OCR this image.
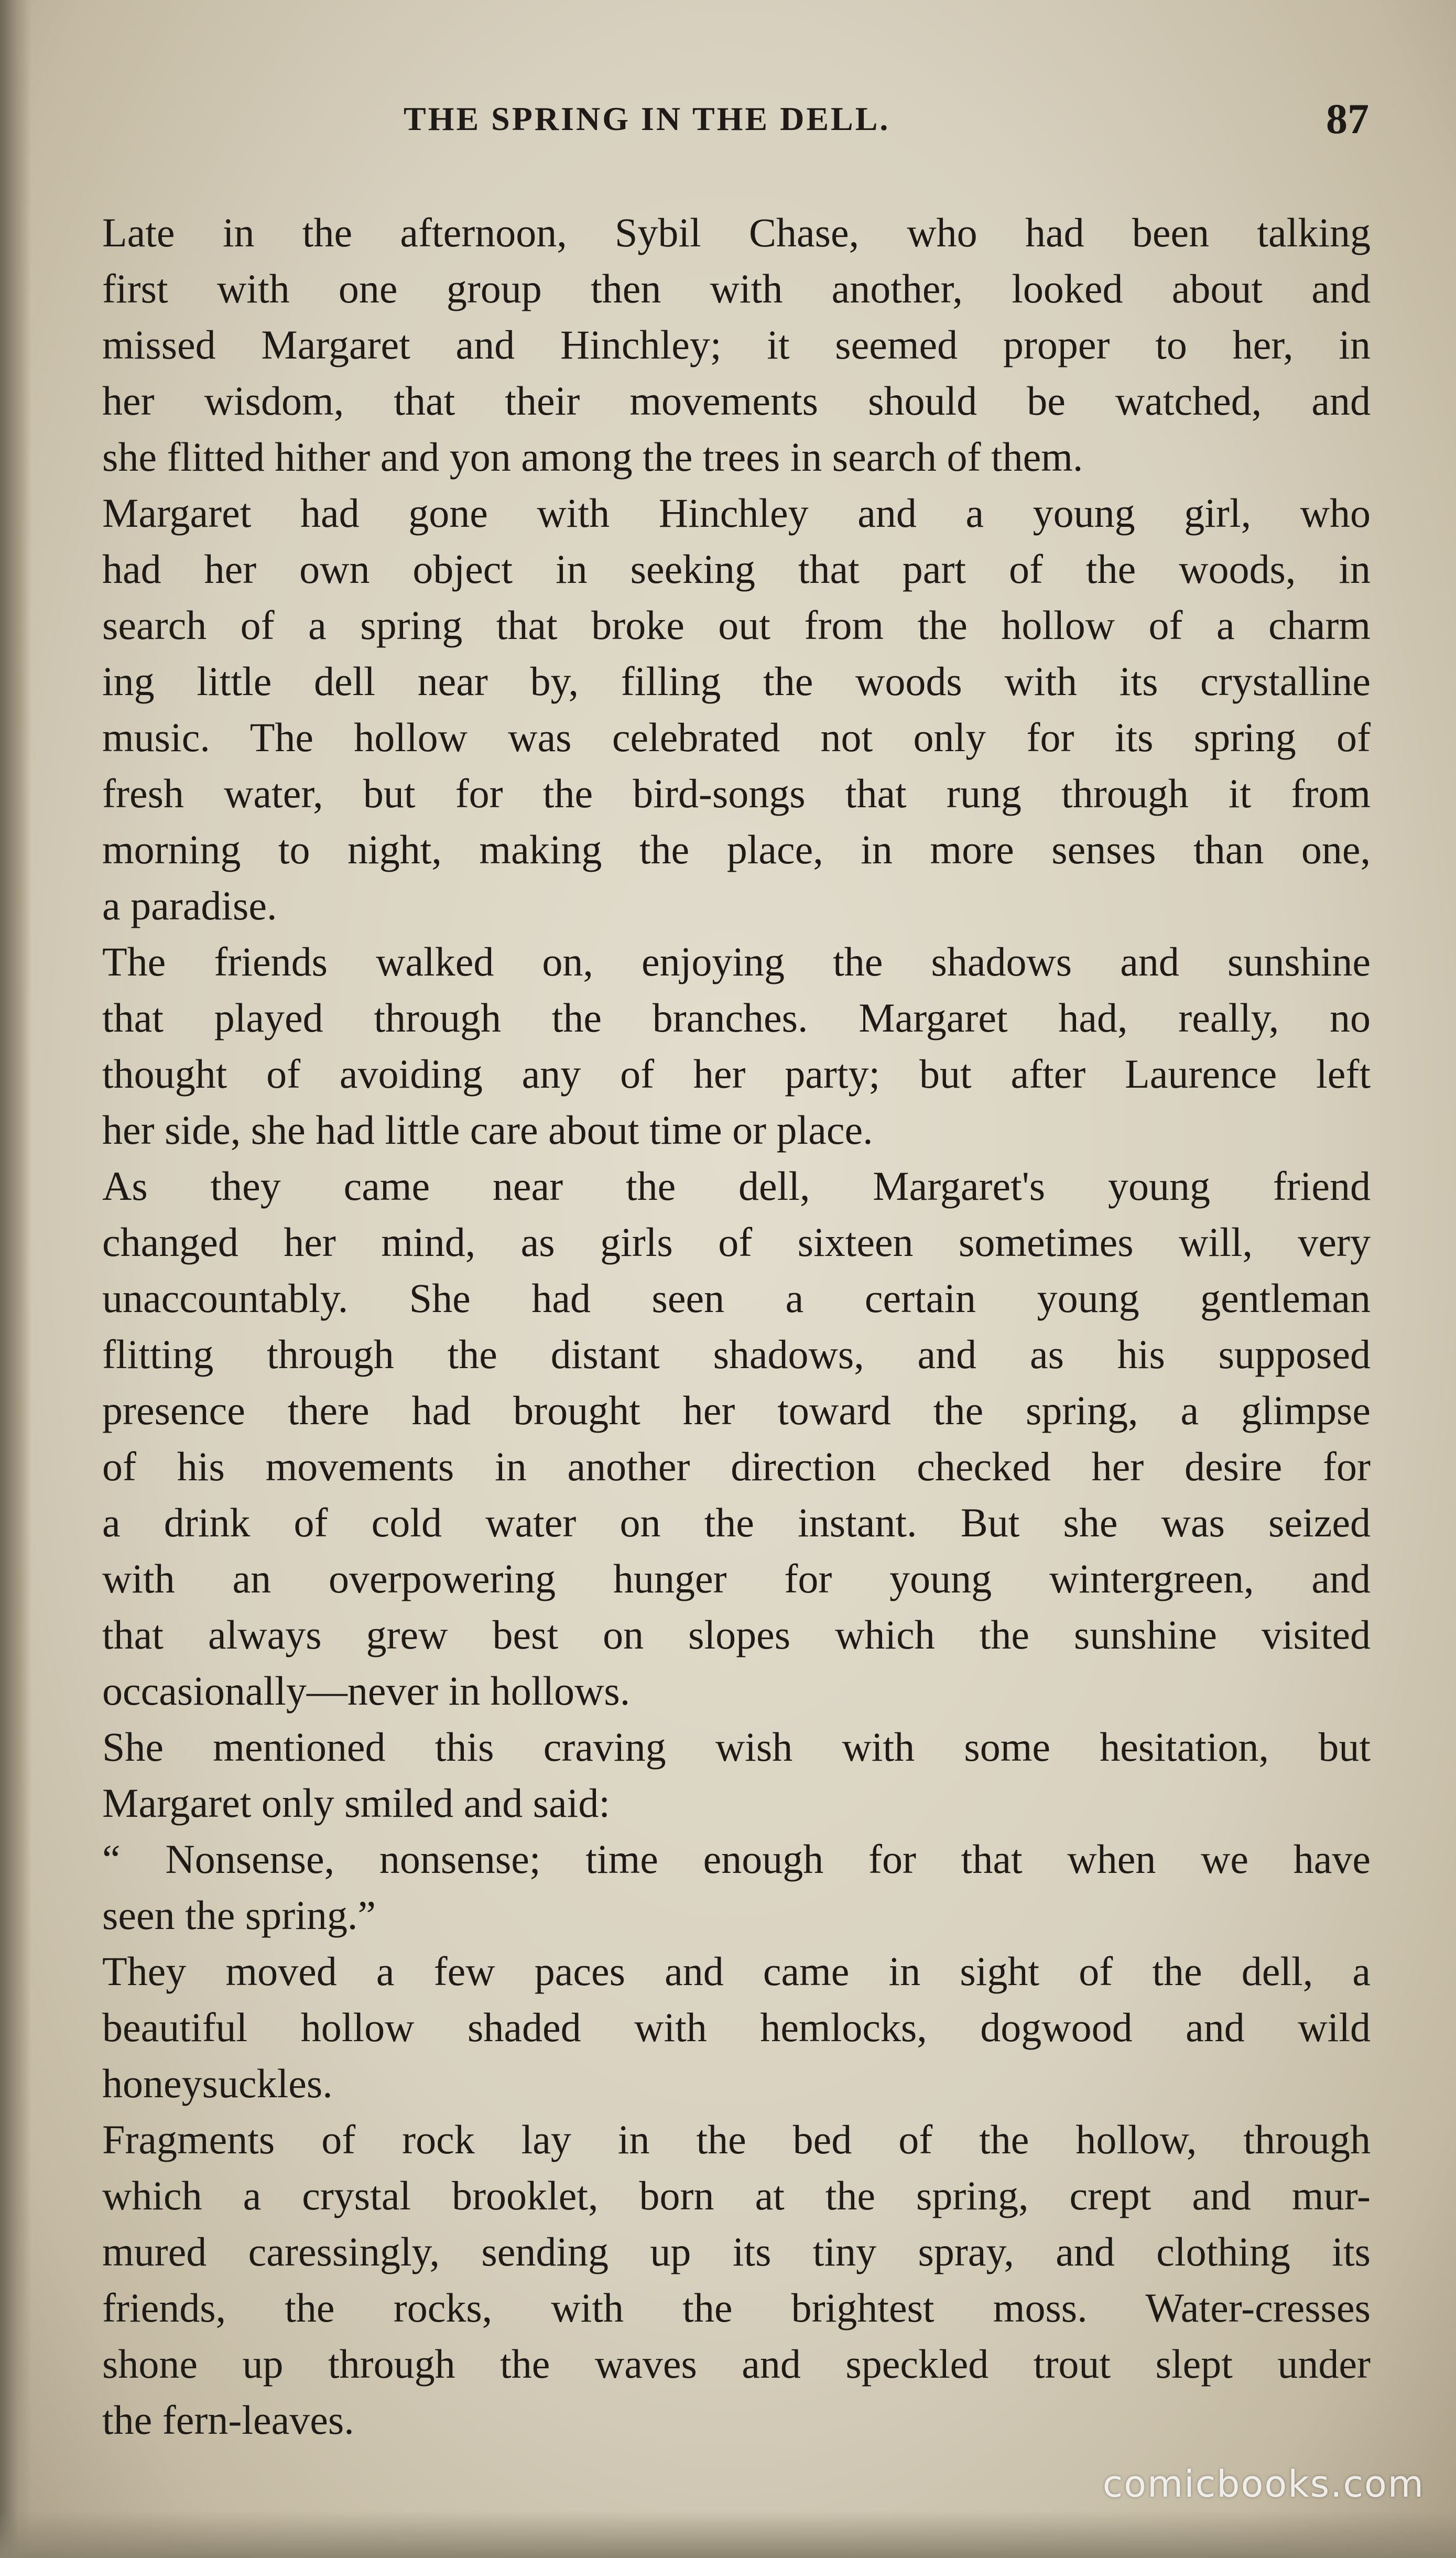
THE SPRING IN THE DELL.	87

Late in the afternoon, Sybil Chase, who had been talking
first with one group then with another, looked about and
missed Margaret and Hinchley; it seemed proper to her, in
her wisdom, that their movements should be watched, and
she flitted hither and yon among the trees in search of them.

Margaret had gone with Hinchley and a young girl, who
had her own object in seeking that part of the woods, in
search of a spring that broke out from the hollow of a charm
ing little dell near by, filling the woods with its crystalline
music. The hollow was celebrated not only for its spring of
fresh water, but for the bird-songs that rung through it from
morning to night, making the place, in more senses than one,
a paradise.

The friends walked on, enjoying the shadows and sunshine
that played through the branches. Margaret had, really, no
thought of avoiding any of her party; but after Laurence left
her side, she had little care about time or place.

As they came near the dell, Margaret's young friend
changed her mind, as girls of sixteen sometimes will, very
unaccountably. She had seen a certain young gentleman
flitting through the distant shadows, and as his supposed
presence there had brought her toward the spring, a glimpse
of his movements in another direction checked her desire for
a drink of cold water on the instant. But she was seized
with an overpowering hunger for young wintergreen, and
that always grew best on slopes which the sunshine visited
occasionally—never in hollows.

She mentioned this craving wish with some hesitation, but
Margaret only smiled and said:

“ Nonsense, nonsense; time enough for that when we have
seen the spring.”

They moved a few paces and came in sight of the dell, a
beautiful hollow shaded with hemlocks, dogwood and wild
honeysuckles.

Fragments of rock lay in the bed of the hollow, through
which a crystal brooklet, born at the spring, crept and mur-
mured caressingly, sending up its tiny spray, and clothing its
friends, the rocks, with the brightest moss. Water-cresses
shone up through the waves and speckled trout slept under
the fern-leaves.

comicbooks.com
